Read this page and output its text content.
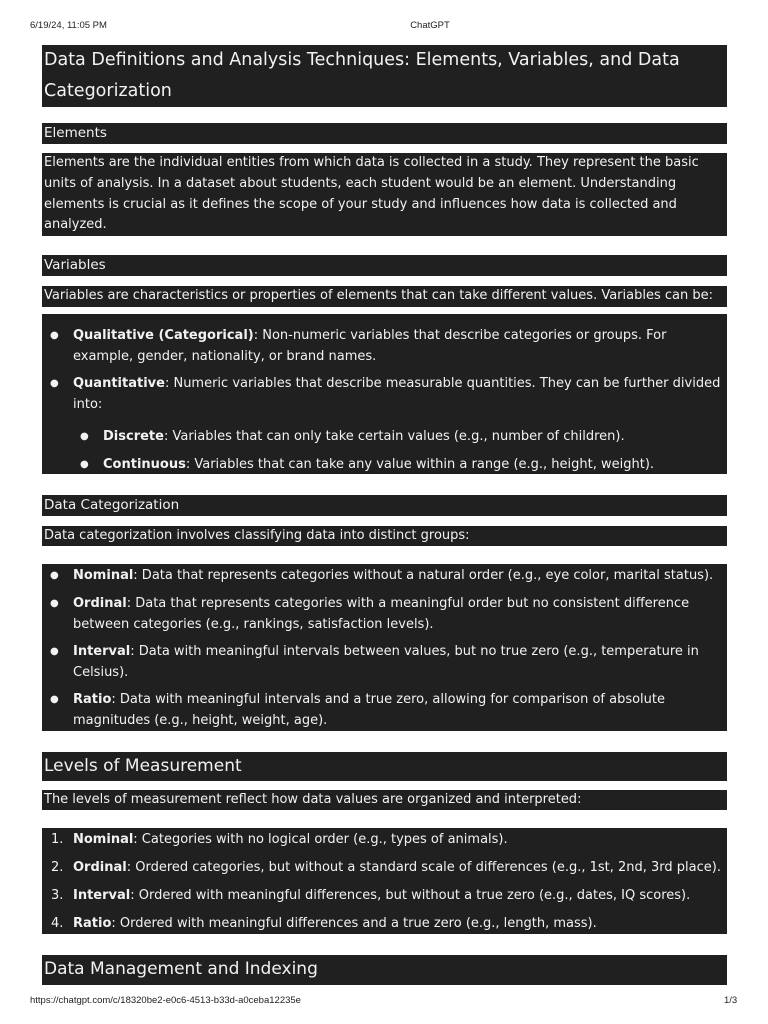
6/19/24, 11:05 PM	ChatGPT
Data Definitions and Analysis Techniques: Elements, Variables, and Data Categorization
Elements
Elements are the individual entities from which data is collected in a study. They represent the basic units of analysis. In a dataset about students, each student would be an element. Understanding elements is crucial as it defines the scope of your study and influences how data is collected and analyzed.
Variables
Variables are characteristics or properties of elements that can take different values. Variables can be:
● Qualitative (Categorical): Non-numeric variables that describe categories or groups. For example, gender, nationality, or brand names.
● Quantitative: Numeric variables that describe measurable quantities. They can be further divided into:
● Discrete: Variables that can only take certain values (e.g., number of children).
● Continuous: Variables that can take any value within a range (e.g., height, weight).
Data Categorization
Data categorization involves classifying data into distinct groups:
● Nominal: Data that represents categories without a natural order (e.g., eye color, marital status).
● Ordinal: Data that represents categories with a meaningful order but no consistent difference between categories (e.g., rankings, satisfaction levels).
● Interval: Data with meaningful intervals between values, but no true zero (e.g., temperature in Celsius).
● Ratio: Data with meaningful intervals and a true zero, allowing for comparison of absolute magnitudes (e.g., height, weight, age).
Levels of Measurement
The levels of measurement reflect how data values are organized and interpreted:
1. Nominal: Categories with no logical order (e.g., types of animals).
2. Ordinal: Ordered categories, but without a standard scale of differences (e.g., 1st, 2nd, 3rd place).
3. Interval: Ordered with meaningful differences, but without a true zero (e.g., dates, IQ scores).
4. Ratio: Ordered with meaningful differences and a true zero (e.g., length, mass).
Data Management and Indexing
https://chatgpt.com/c/18320be2-e0c6-4513-b33d-a0ceba12235e	1/3
